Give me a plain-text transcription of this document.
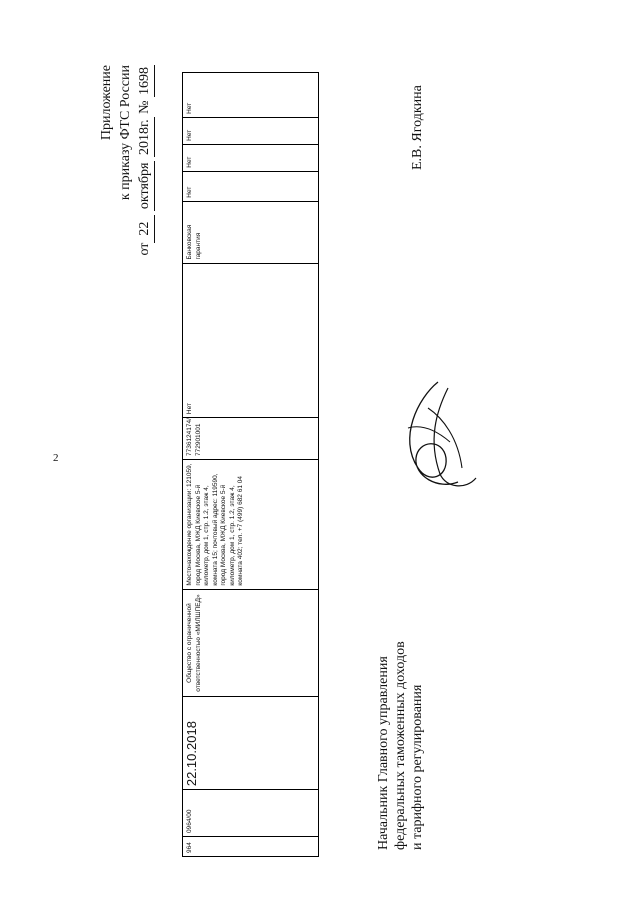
2
Приложение к приказу ФТС России
от22 октября 2018г. № 1698
964
0964/00
22.10.2018
Общество с ограниченной ответственностью «МИЛШПЕД»
Местонахождение организации: 121059, город Москва, МЖД Киевское 5-й километр, дом 1, стр. 1.2, этаж 4, комната 15; почтовый адрес: 119590, город Москва, МЖД Киевское 5-й километр, дом 1, стр. 1.2, этаж 4, комната 402; тел. +7 (499) 682 61 04
7736124174/ 772901001
Нет
Банковская гарантия
Нет
Нет
Нет
Нет
Начальник Главного управления федеральных таможенных доходов и тарифного регулирования
Е.В. Ягодкина
